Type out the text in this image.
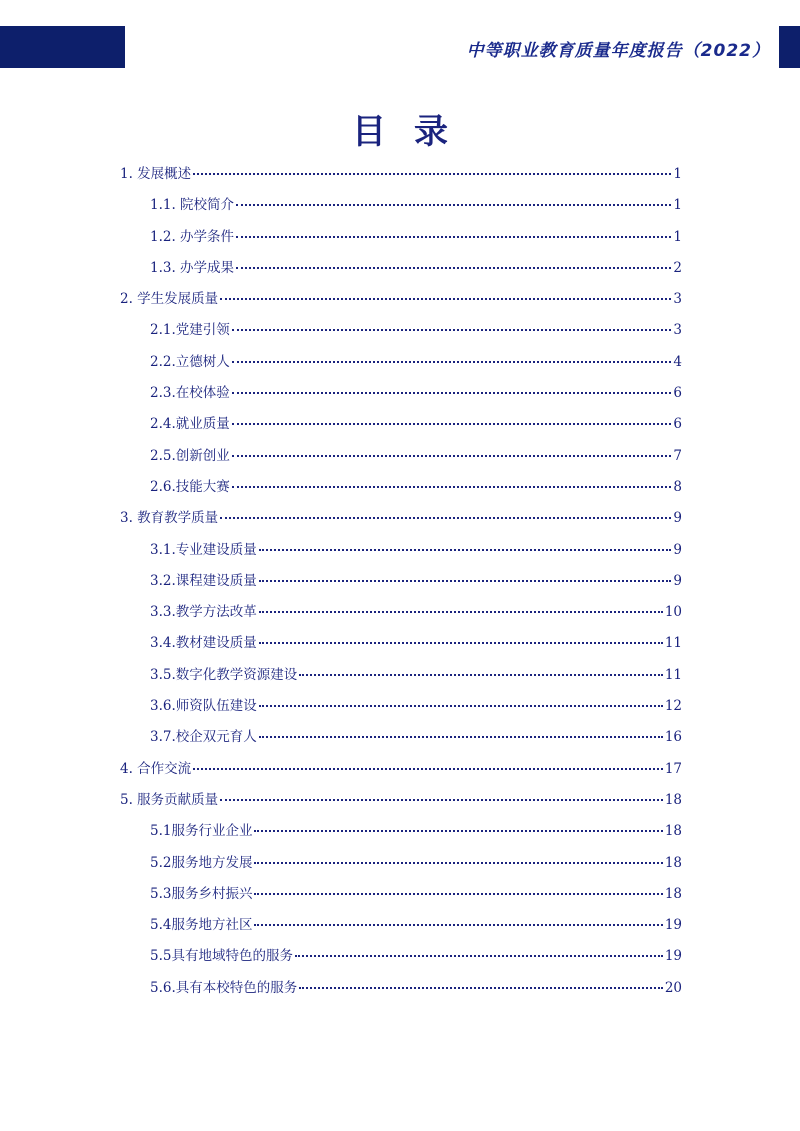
中等职业教育质量年度报告（2022）
目录
1. 发展概述	1
1.1. 院校简介	1
1.2. 办学条件	1
1.3. 办学成果	2
2. 学生发展质量	3
2.1.党建引领	3
2.2.立德树人	4
2.3.在校体验	6
2.4.就业质量	6
2.5.创新创业	7
2.6.技能大赛	8
3. 教育教学质量	9
3.1.专业建设质量	9
3.2.课程建设质量	9
3.3.教学方法改革	10
3.4.教材建设质量	11
3.5.数字化教学资源建设	11
3.6.师资队伍建设	12
3.7.校企双元育人	16
4. 合作交流	17
5. 服务贡献质量	18
5.1服务行业企业	18
5.2服务地方发展	18
5.3服务乡村振兴	18
5.4服务地方社区	19
5.5具有地域特色的服务	19
5.6.具有本校特色的服务	20
